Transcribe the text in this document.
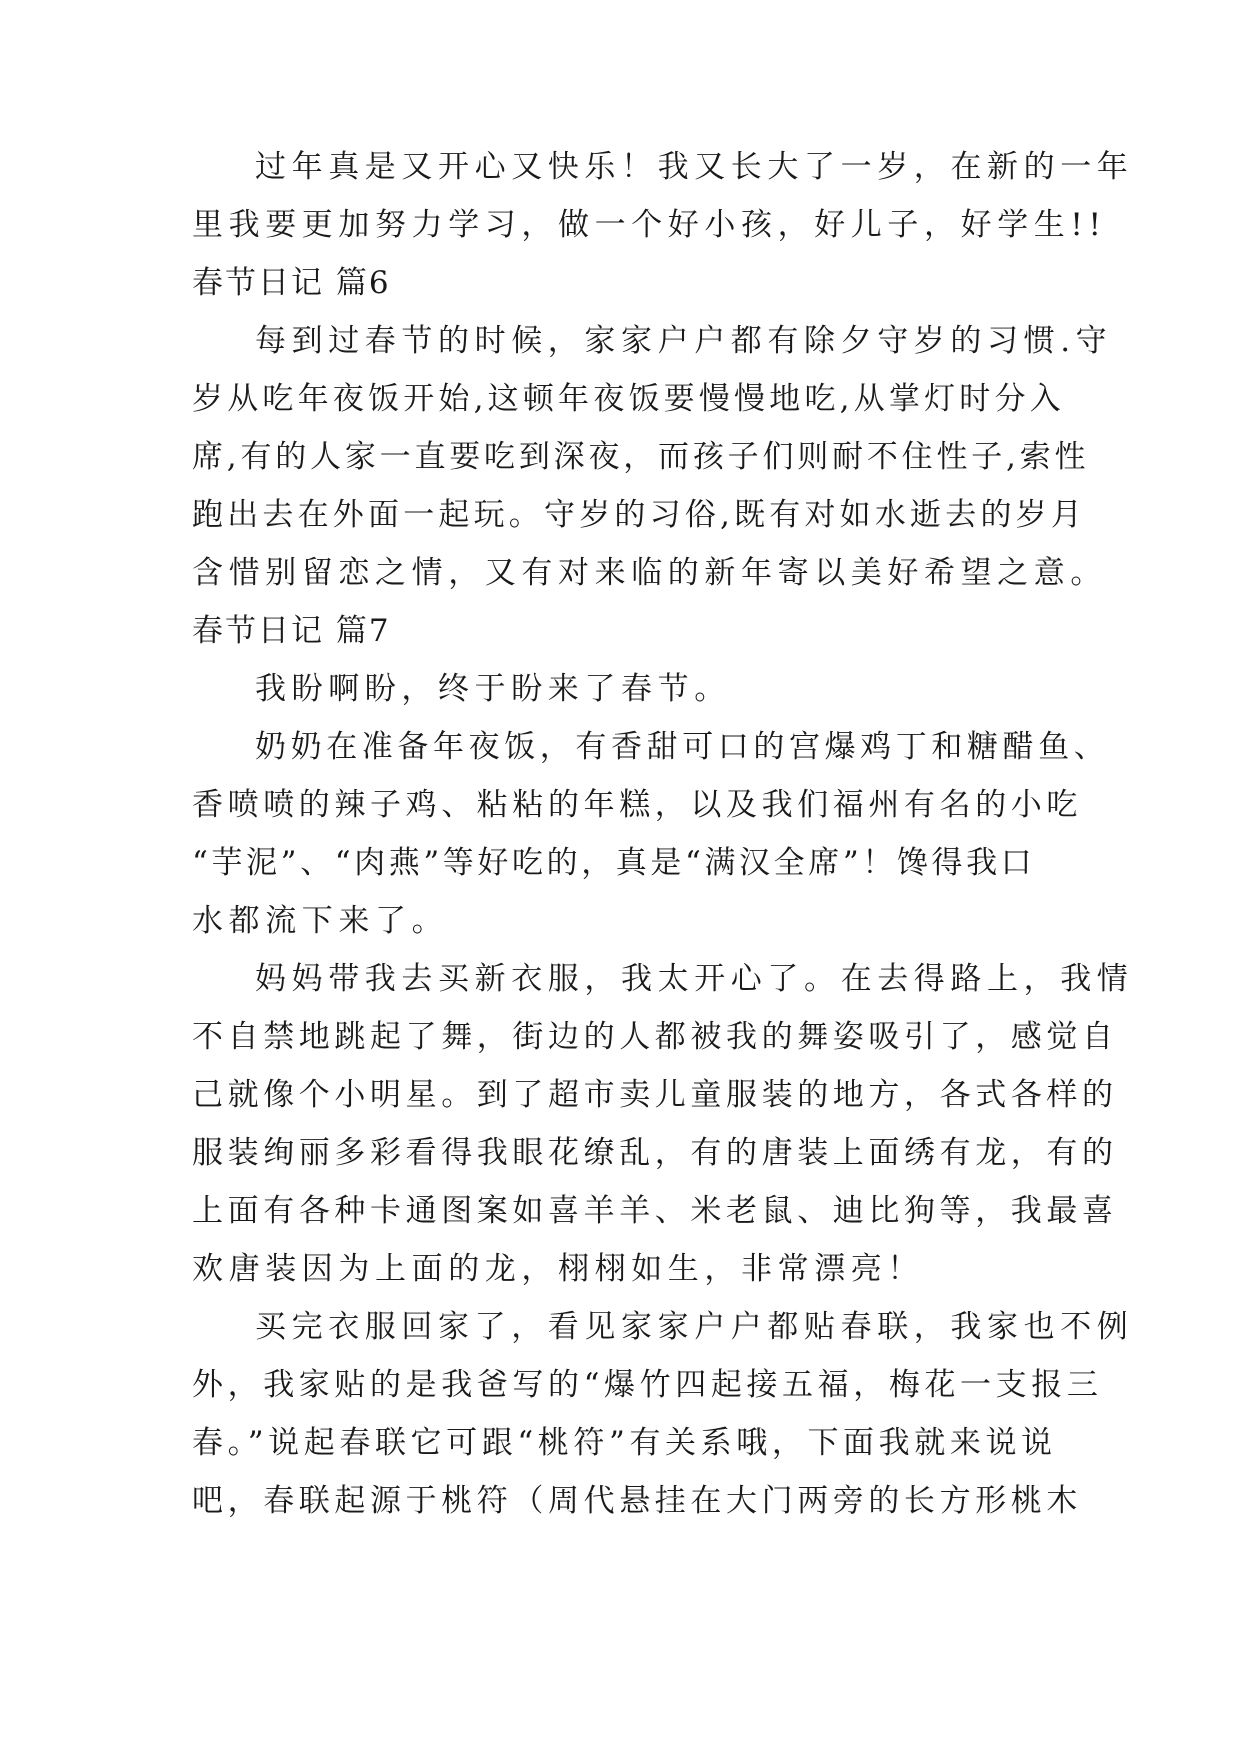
过年真是又开心又快乐！我又长大了一岁，在新的一年
里我要更加努力学习，做一个好小孩，好儿子，好学生!!
春节日记 篇6
每到过春节的时候，家家户户都有除夕守岁的习惯.守
岁从吃年夜饭开始,这顿年夜饭要慢慢地吃,从掌灯时分入
席,有的人家一直要吃到深夜，而孩子们则耐不住性子,索性
跑出去在外面一起玩。守岁的习俗,既有对如水逝去的岁月
含惜别留恋之情，又有对来临的新年寄以美好希望之意。
春节日记 篇7
我盼啊盼，终于盼来了春节。
奶奶在准备年夜饭，有香甜可口的宫爆鸡丁和糖醋鱼、
香喷喷的辣子鸡、粘粘的年糕，以及我们福州有名的小吃
“芋泥”、“肉燕”等好吃的，真是“满汉全席”！馋得我口
水都流下来了。
妈妈带我去买新衣服，我太开心了。在去得路上，我情
不自禁地跳起了舞，街边的人都被我的舞姿吸引了，感觉自
己就像个小明星。到了超市卖儿童服装的地方，各式各样的
服装绚丽多彩看得我眼花缭乱，有的唐装上面绣有龙，有的
上面有各种卡通图案如喜羊羊、米老鼠、迪比狗等，我最喜
欢唐装因为上面的龙，栩栩如生，非常漂亮！
买完衣服回家了，看见家家户户都贴春联，我家也不例
外，我家贴的是我爸写的“爆竹四起接五福，梅花一支报三
春。”说起春联它可跟“桃符”有关系哦，下面我就来说说
吧，春联起源于桃符（周代悬挂在大门两旁的长方形桃木
